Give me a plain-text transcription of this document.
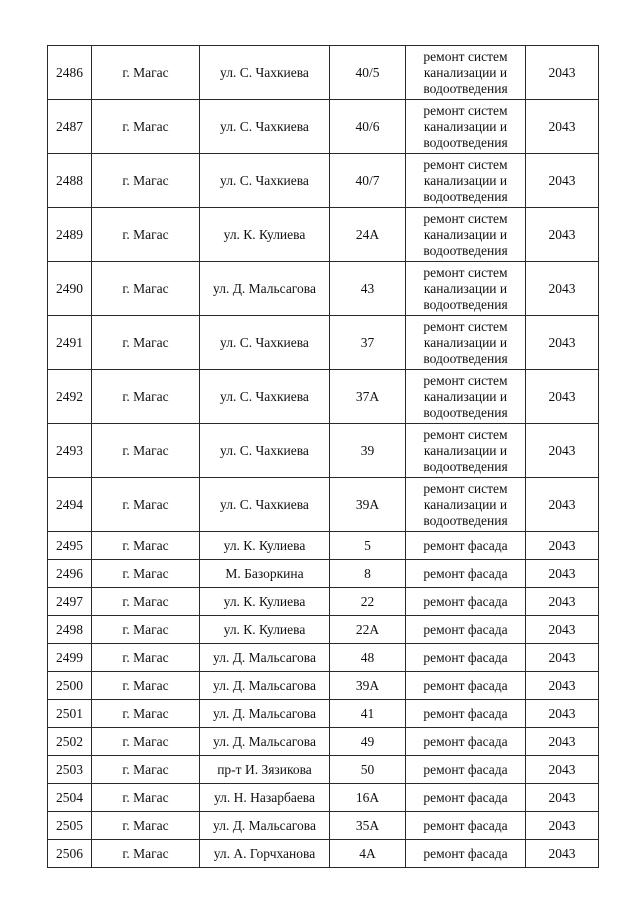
2486	г. Магас	ул. С. Чахкиева	40/5	ремонт систем
канализации и
водоотведения	2043
2487	г. Магас	ул. С. Чахкиева	40/6	ремонт систем
канализации и
водоотведения	2043
2488	г. Магас	ул. С. Чахкиева	40/7	ремонт систем
канализации и
водоотведения	2043
2489	г. Магас	ул. К. Кулиева	24А	ремонт систем
канализации и
водоотведения	2043
2490	г. Магас	ул. Д. Мальсагова	43	ремонт систем
канализации и
водоотведения	2043
2491	г. Магас	ул. С. Чахкиева	37	ремонт систем
канализации и
водоотведения	2043
2492	г. Магас	ул. С. Чахкиева	37А	ремонт систем
канализации и
водоотведения	2043
2493	г. Магас	ул. С. Чахкиева	39	ремонт систем
канализации и
водоотведения	2043
2494	г. Магас	ул. С. Чахкиева	39А	ремонт систем
канализации и
водоотведения	2043
2495	г. Магас	ул. К. Кулиева	5	ремонт фасада	2043
2496	г. Магас	М. Базоркина	8	ремонт фасада	2043
2497	г. Магас	ул. К. Кулиева	22	ремонт фасада	2043
2498	г. Магас	ул. К. Кулиева	22А	ремонт фасада	2043
2499	г. Магас	ул. Д. Мальсагова	48	ремонт фасада	2043
2500	г. Магас	ул. Д. Мальсагова	39А	ремонт фасада	2043
2501	г. Магас	ул. Д. Мальсагова	41	ремонт фасада	2043
2502	г. Магас	ул. Д. Мальсагова	49	ремонт фасада	2043
2503	г. Магас	пр-т И. Зязикова	50	ремонт фасада	2043
2504	г. Магас	ул. Н. Назарбаева	16А	ремонт фасада	2043
2505	г. Магас	ул. Д. Мальсагова	35А	ремонт фасада	2043
2506	г. Магас	ул. А. Горчханова	4А	ремонт фасада	2043
